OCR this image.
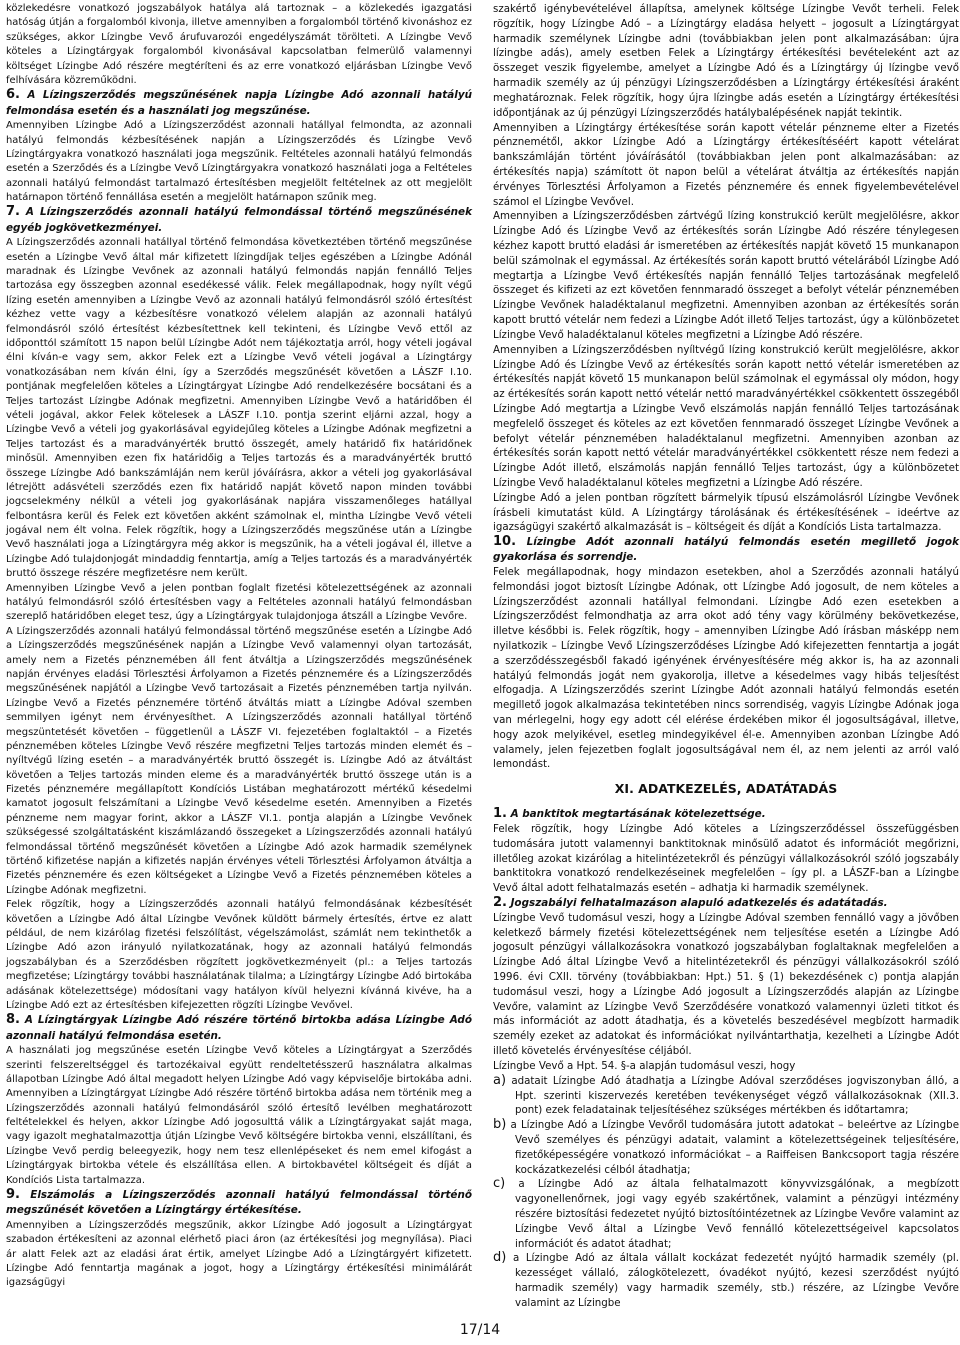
közlekedésre vonatkozó jogszabályok hatálya alá tartoznak – a közlekedés igazgatási hatóság útján a forgalomból kivonja, illetve amennyiben a forgalomból történő kivonáshoz ez szükséges, akkor Lízingbe Vevő árufuvarozói engedélyszámát törölteti. A Lízingbe Vevő köteles a Lízingtárgyak forgalomból kivonásával kapcsolatban felmerülő valamennyi költséget Lízingbe Adó részére megtéríteni és az erre vonatkozó eljárásban Lízingbe Vevő felhívására közreműködni.

6. A Lízingszerződés megszűnésének napja Lízingbe Adó azonnali hatályú felmondása esetén és a használati jog megszűnése.

Amennyiben Lízingbe Adó a Lízingszerződést azonnali hatállyal felmondta, az azonnali hatályú felmondás kézbesítésének napján a Lízingszerződés és Lízingbe Vevő Lízingtárgyakra vonatkozó használati joga megszűnik. Feltételes azonnali hatályú felmondás esetén a Szerződés és a Lízingbe Vevő Lízingtárgyakra vonatkozó használati joga a Feltételes azonnali hatályú felmondást tartalmazó értesítésben megjelölt feltételnek az ott megjelölt határnapon történő fennállása esetén a megjelölt határnapon szűnik meg.

7. A Lízingszerződés azonnali hatályú felmondással történő megszűnésének egyéb jogkövetkezményei.

A Lízingszerződés azonnali hatállyal történő felmondása következtében történő megszűnése esetén a Lízingbe Vevő által már kifizetett lízingdíjak teljes egészében a Lízingbe Adónál maradnak és Lízingbe Vevőnek az azonnali hatályú felmondás napján fennálló Teljes tartozása egy összegben azonnal esedékessé válik. Felek megállapodnak, hogy nyílt végű lízing esetén amennyiben a Lízingbe Vevő az azonnali hatályú felmondásról szóló értesítést kézhez vette vagy a kézbesítésre vonatkozó vélelem alapján az azonnali hatályú felmondásról szóló értesítést kézbesítettnek kell tekinteni, és Lízingbe Vevő ettől az időponttól számított 15 napon belül Lízingbe Adót nem tájékoztatja arról, hogy vételi jogával élni kíván-e vagy sem, akkor Felek ezt a Lízingbe Vevő vételi jogával a Lízingtárgy vonatkozásában nem kíván élni, így a Szerződés megszűnését követően a LÁSZF I.10. pontjának megfelelően köteles a Lízingtárgyat Lízingbe Adó rendelkezésére bocsátani és a Teljes tartozást Lízingbe Adónak megfizetni. Amennyiben Lízingbe Vevő a határidőben él vételi jogával, akkor Felek kötelesek a LÁSZF I.10. pontja szerint eljárni azzal, hogy a Lízingbe Vevő a vételi jog gyakorlásával egyidejűleg köteles a Lízingbe Adónak megfizetni a Teljes tartozást és a maradványérték bruttó összegét, amely határidő fix határidőnek minősül. Amennyiben ezen fix határidőig a Teljes tartozás és a maradványérték bruttó összege Lízingbe Adó bankszámláján nem kerül jóváírásra, akkor a vételi jog gyakorlásával létrejött adásvételi szerződés ezen fix határidő napját követő napon minden további jogcselekmény nélkül a vételi jog gyakorlásának napjára visszamenőleges hatállyal felbontásra kerül és Felek ezt követően akként számolnak el, mintha Lízingbe Vevő vételi jogával nem élt volna. Felek rögzítik, hogy a Lízingszerződés megszűnése után a Lízingbe Vevő használati joga a Lízingtárgyra még akkor is megszűnik, ha a vételi jogával él, illetve a Lízingbe Adó tulajdonjogát mindaddig fenntartja, amíg a Teljes tartozás és a maradványérték bruttó összege részére megfizetésre nem került.

Amennyiben Lízingbe Vevő a jelen pontban foglalt fizetési kötelezettségének az azonnali hatályú felmondásról szóló értesítésben vagy a Feltételes azonnali hatályú felmondásban szereplő határidőben eleget tesz, úgy a Lízingtárgyak tulajdonjoga átszáll a Lízingbe Vevőre.

A Lízingszerződés azonnali hatályú felmondással történő megszűnése esetén a Lízingbe Adó a Lízingszerződés megszűnésének napján a Lízingbe Vevő valamennyi olyan tartozását, amely nem a Fizetés pénznemében áll fent átváltja a Lízingszerződés megszűnésének napján érvényes eladási Törlesztési Árfolyamon a Fizetés pénznemére és a Lízingszerződés megszűnésének napjától a Lízingbe Vevő tartozásait a Fizetés pénznemében tartja nyilván. Lízingbe Vevő a Fizetés pénznemére történő átváltás miatt a Lízingbe Adóval szemben semmilyen igényt nem érvényesíthet. A Lízingszerződés azonnali hatállyal történő megszüntetését követően – függetlenül a LÁSZF VI. fejezetében foglaltaktól – a Fizetés pénznemében köteles Lízingbe Vevő részére megfizetni Teljes tartozás minden elemét és – nyíltvégű lízing esetén – a maradványérték bruttó összegét is. Lízingbe Adó az átváltást követően a Teljes tartozás minden eleme és a maradványérték bruttó összege után is a Fizetés pénznemére megállapított Kondíciós Listában meghatározott mértékű késedelmi kamatot jogosult felszámítani a Lízingbe Vevő késedelme esetén. Amennyiben a Fizetés pénzneme nem magyar forint, akkor a LÁSZF VI.1. pontja alapján a Lízingbe Vevőnek szükségessé szolgáltatásként kiszámlázandó összegeket a Lízingszerződés azonnali hatályú felmondással történő megszűnését követően a Lízingbe Adó azok harmadik személynek történő kifizetése napján a kifizetés napján érvényes vételi Törlesztési Árfolyamon átváltja a Fizetés pénznemére és ezen költségeket a Lízingbe Vevő a Fizetés pénznemében köteles a Lízingbe Adónak megfizetni.

Felek rögzítik, hogy a Lízingszerződés azonnali hatályú felmondásának kézbesítését követően a Lízingbe Adó által Lízingbe Vevőnek küldött bármely értesítés, értve ez alatt például, de nem kizárólag fizetési felszólítást, végelszámolást, számlát nem tekinthetők a Lízingbe Adó azon irányuló nyilatkozatának, hogy az azonnali hatályú felmondás jogszabályban és a Szerződésben rögzített jogkövetkezményeit (pl.: a Teljes tartozás megfizetése; Lízingtárgy további használatának tilalma; a Lízingtárgy Lízingbe Adó birtokába adásának kötelezettsége) módosítani vagy hatályon kívül helyezni kívánná kivéve, ha a Lízingbe Adó ezt az értesítésben kifejezetten rögzíti Lízingbe Vevővel.

8. A Lízingtárgyak Lízingbe Adó részére történő birtokba adása Lízingbe Adó azonnali hatályú felmondása esetén.

A használati jog megszűnése esetén Lízingbe Vevő köteles a Lízingtárgyat a Szerződés szerinti felszereltséggel és tartozékaival együtt rendeltetésszerű használatra alkalmas állapotban Lízingbe Adó által megadott helyen Lízingbe Adó vagy képviselője birtokába adni. Amennyiben a Lízingtárgyat Lízingbe Adó részére történő birtokba adása nem történik meg a Lízingszerződés azonnali hatályú felmondásáról szóló értesítő levélben meghatározott feltételekkel és helyen, akkor Lízingbe Adó jogosulttá válik a Lízingtárgyakat saját maga, vagy igazolt meghatalmazottja útján Lízingbe Vevő költségére birtokba venni, elszállítani, és Lízingbe Vevő perdig beleegyezik, hogy nem tesz ellenlépéseket és nem emel kifogást a Lízingtárgyak birtokba vétele és elszállítása ellen. A birtokbavétel költségeit és díját a Kondíciós Lista tartalmazza.

9. Elszámolás a Lízingszerződés azonnali hatályú felmondással történő megszűnését követően a Lízingtárgy értékesítése.

Amennyiben a Lízingszerződés megszűnik, akkor Lízingbe Adó jogosult a Lízingtárgyat szabadon értékesíteni az azonnal elérhető piaci áron (az értékesítési jog megnyílása). Piaci ár alatt Felek azt az eladási árat értik, amelyet Lízingbe Adó a Lízingtárgyért kifizetett. Lízingbe Adó fenntartja magának a jogot, hogy a Lízingtárgy értékesítési minimálárát igazságügyi

szakértő igénybevételével állapítsa, amelynek költsége Lízingbe Vevőt terheli. Felek rögzítik, hogy Lízingbe Adó – a Lízingtárgy eladása helyett – jogosult a Lízingtárgyat harmadik személynek Lízingbe adni (továbbiakban jelen pont alkalmazásában: újra lízingbe adás), amely esetben Felek a Lízingtárgy értékesítési bevételeként azt az összeget veszik figyelembe, amelyet a Lízingbe Adó és a Lízingtárgy új lízingbe vevő harmadik személy az új pénzügyi Lízingszerződésben a Lízingtárgy értékesítési áraként meghatároznak. Felek rögzítik, hogy újra lízingbe adás esetén a Lízingtárgy értékesítési időpontjának az új pénzügyi Lízingszerződés hatálybalépésének napját tekintik.

Amennyiben a Lízingtárgy értékesítése során kapott vételár pénzneme elter a Fizetés pénznemétől, akkor Lízingbe Adó a Lízingtárgy értékesítéséért kapott vételárat bankszámláján történt jóváírásától (továbbiakban jelen pont alkalmazásában: az értékesítés napja) számított öt napon belül a vételárat átváltja az értékesítés napján érvényes Törlesztési Árfolyamon a Fizetés pénznemére és ennek figyelembevételével számol el Lízingbe Vevővel.

Amennyiben a Lízingszerződésben zártvégű lízing konstrukció került megjelölésre, akkor Lízingbe Adó és Lízingbe Vevő az értékesítés során Lízingbe Adó részére ténylegesen kézhez kapott bruttó eladási ár ismeretében az értékesítés napját követő 15 munkanapon belül számolnak el egymással. Az értékesítés során kapott bruttó vételárából Lízingbe Adó megtartja a Lízingbe Vevő értékesítés napján fennálló Teljes tartozásának megfelelő összeget és kifizeti az ezt követően fennmaradó összeget a befolyt vételár pénznemében Lízingbe Vevőnek haladéktalanul megfizetni. Amennyiben azonban az értékesítés során kapott bruttó vételár nem fedezi a Lízingbe Adót illető Teljes tartozást, úgy a különbözetet Lízingbe Vevő haladéktalanul köteles megfizetni a Lízingbe Adó részére.

Amennyiben a Lízingszerződésben nyíltvégű lízing konstrukció került megjelölésre, akkor Lízingbe Adó és Lízingbe Vevő az értékesítés során kapott nettó vételár ismeretében az értékesítés napját követő 15 munkanapon belül számolnak el egymással oly módon, hogy az értékesítés során kapott nettó vételár nettó maradványértékkel csökkentett összegéből Lízingbe Adó megtartja a Lízingbe Vevő elszámolás napján fennálló Teljes tartozásának megfelelő összeget és köteles az ezt követően fennmaradó összeget Lízingbe Vevőnek a befolyt vételár pénznemében haladéktalanul megfizetni. Amennyiben azonban az értékesítés során kapott nettó vételár maradványértékkel csökkentett része nem fedezi a Lízingbe Adót illető, elszámolás napján fennálló Teljes tartozást, úgy a különbözetet Lízingbe Vevő haladéktalanul köteles megfizetni a Lízingbe Adó részére.

Lízingbe Adó a jelen pontban rögzített bármelyik típusú elszámolásról Lízingbe Vevőnek írásbeli kimutatást küld. A Lízingtárgy tárolásának és értékesítésének – ideértve az igazságügyi szakértő alkalmazását is – költségeit és díját a Kondíciós Lista tartalmazza.

10. Lízingbe Adót azonnali hatályú felmondás esetén megillető jogok gyakorlása és sorrendje.

Felek megállapodnak, hogy mindazon esetekben, ahol a Szerződés azonnali hatályú felmondási jogot biztosít Lízingbe Adónak, ott Lízingbe Adó jogosult, de nem köteles a Lízingszerződést azonnali hatállyal felmondani. Lízingbe Adó ezen esetekben a Lízingszerződést felmondhatja az arra okot adó tény vagy körülmény bekövetkezése, illetve későbbi is. Felek rögzítik, hogy – amennyiben Lízingbe Adó írásban másképp nem nyilatkozik – Lízingbe Vevő Lízingszerződéses Lízingbe Adó kifejezetten fenntartja a jogát a szerződésszegésből fakadó igényének érvényesítésére még akkor is, ha az azonnali hatályú felmondás jogát nem gyakorolja, illetve a késedelmes vagy hibás teljesítést elfogadja. A Lízingszerződés szerint Lízingbe Adót azonnali hatályú felmondás esetén megillető jogok alkalmazása tekintetében nincs sorrendiség, vagyis Lízingbe Adónak joga van mérlegelni, hogy egy adott cél elérése érdekében mikor él jogosultságával, illetve, hogy azok melyikével, esetleg mindegyikével él-e. Amennyiben azonban Lízingbe Adó valamely, jelen fejezetben foglalt jogosultságával nem él, az nem jelenti az arról való lemondást.

XI. ADATKEZELÉS, ADATÁTADÁS

1. A banktitok megtartásának kötelezettsége.

Felek rögzítik, hogy Lízingbe Adó köteles a Lízingszerződéssel összefüggésben tudomására jutott valamennyi banktitoknak minősülő adatot és információt megőrizni, illetőleg azokat kizárólag a hitelintézetekről és pénzügyi vállalkozásokról szóló jogszabály banktitokra vonatkozó rendelkezéseinek megfelelően – így pl. a LÁSZF-ban a Lízingbe Vevő által adott felhatalmazás esetén – adhatja ki harmadik személynek.

2. Jogszabályi felhatalmazáson alapuló adatkezelés és adatátadás.

Lízingbe Vevő tudomásul veszi, hogy a Lízingbe Adóval szemben fennálló vagy a jövőben keletkező bármely fizetési kötelezettségének nem teljesítése esetén a Lízingbe Adó jogosult pénzügyi vállalkozásokra vonatkozó jogszabályban foglaltaknak megfelelően a Lízingbe Adó által Lízingbe Vevő a hitelintézetekről és pénzügyi vállalkozásokról szóló 1996. évi CXII. törvény (továbbiakban: Hpt.) 51. § (1) bekezdésének c) pontja alapján tudomásul veszi, hogy a Lízingbe Adó jogosult a Lízingszerződés alapján az Lízingbe Vevőre, valamint az Lízingbe Vevő Szerződésére vonatkozó valamennyi üzleti titkot és más információt az adott átadhatja, és a követelés beszedésével megbízott harmadik személy ezeket az adatokat és információkat nyilvántarthatja, kezelheti a Lízingbe Adót illető követelés érvényesítése céljából.

Lízingbe Vevő a Hpt. 54. §-a alapján tudomásul veszi, hogy

a) adatait Lízingbe Adó átadhatja a Lízingbe Adóval szerződéses jogviszonyban álló, a Hpt. szerinti kiszervezés keretében tevékenységet végző vállalkozásoknak (XII.3. pont) ezek feladatainak teljesítéséhez szükséges mértékben és időtartamra;

b) a Lízingbe Adó a Lízingbe Vevőről tudomására jutott adatokat – beleértve az Lízingbe Vevő személyes és pénzügyi adatait, valamint a kötelezettségeinek teljesítésére, fizetőképességére vonatkozó információkat – a Raiffeisen Bankcsoport tagja részére kockázatkezelési célból átadhatja;

c) a Lízingbe Adó az általa felhatalmazott könyvvizsgálónak, a megbízott vagyonellenőrnek, jogi vagy egyéb szakértőnek, valamint a pénzügyi intézmény részére biztosítási fedezetet nyújtó biztosítóintézetnek az Lízingbe Vevőre valamint az Lízingbe Vevő által a Lízingbe Vevő fennálló kötelezettségeivel kapcsolatos információt és adatot átadhat;

d) a Lízingbe Adó az általa vállalt kockázat fedezetét nyújtó harmadik személy (pl. kezességet vállaló, zálogkötelezett, óvadékot nyújtó, kezesi szerződést nyújtó harmadik személy) vagy harmadik személy, stb.) részére, az Lízingbe Vevőre valamint az Lízingbe

17/14
